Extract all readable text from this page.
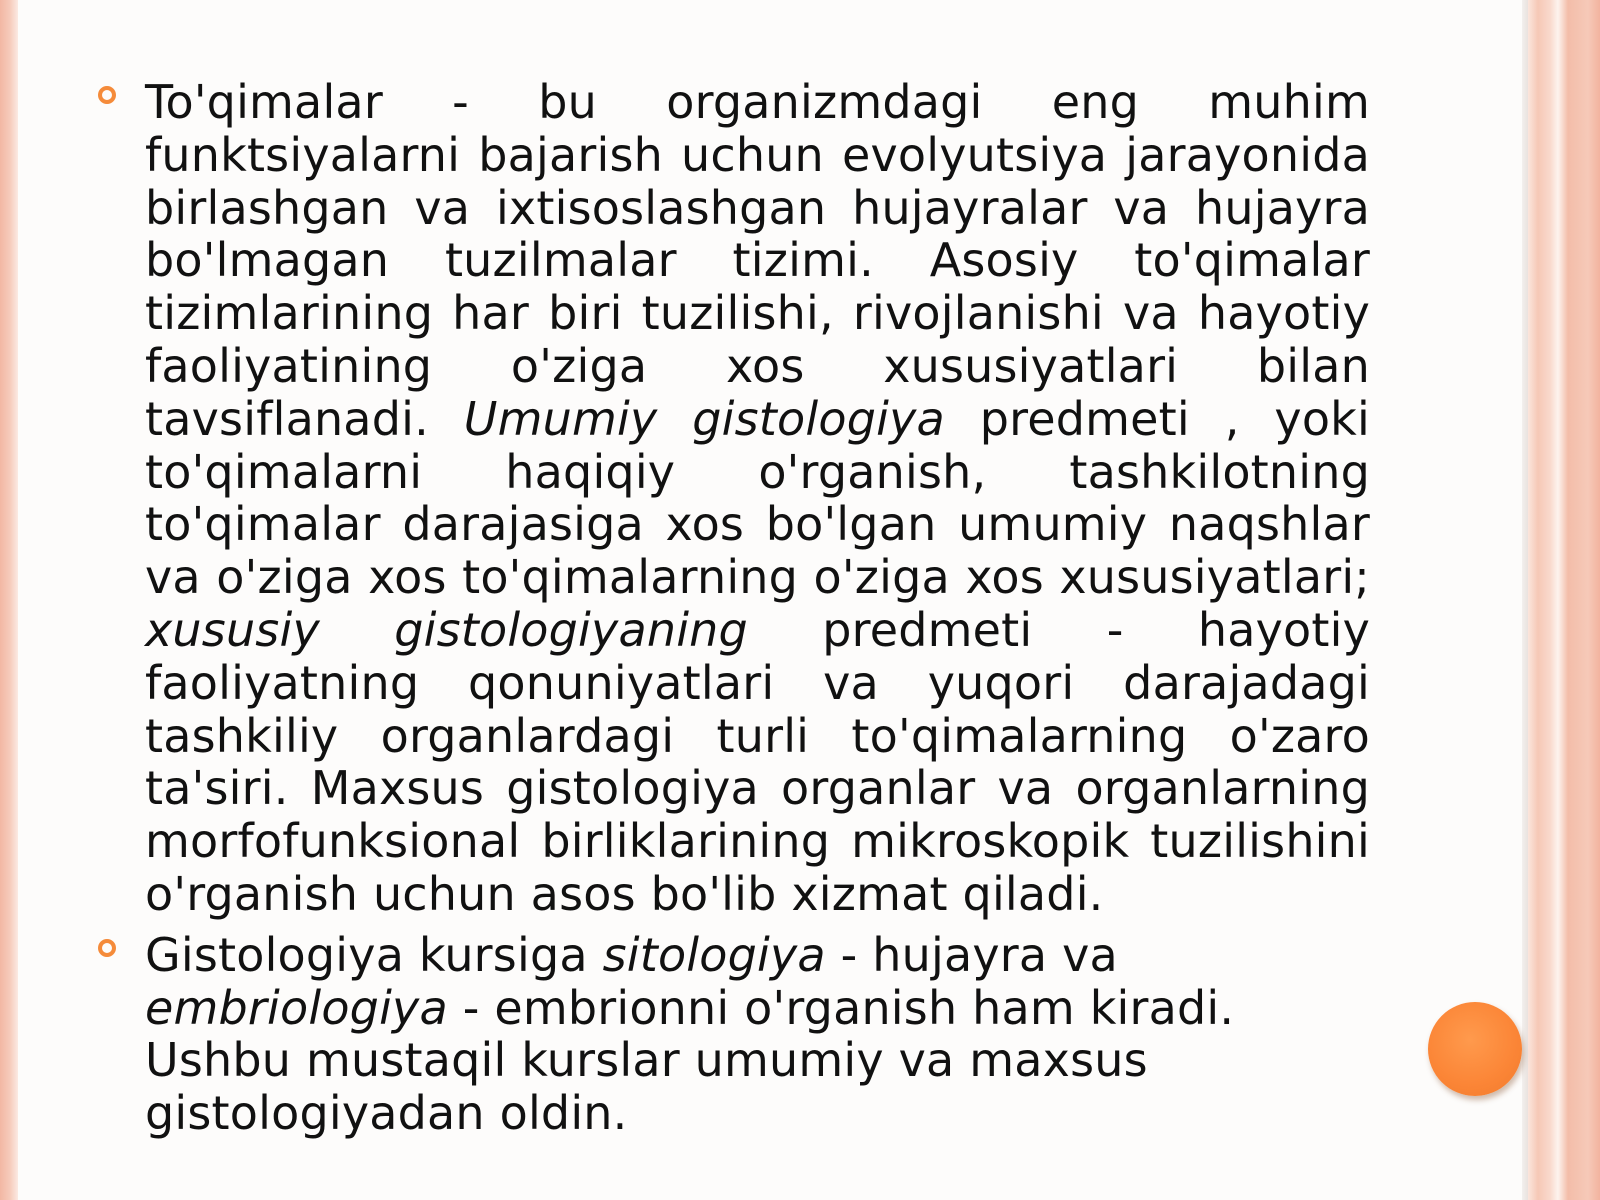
To'qimalar - bu organizmdagi eng muhim funktsiyalarni bajarish uchun evolyutsiya jarayonida birlashgan va ixtisoslashgan hujayralar va hujayra bo'lmagan tuzilmalar tizimi. Asosiy to'qimalar tizimlarining har biri tuzilishi, rivojlanishi va hayotiy faoliyatining o'ziga xos xususiyatlari bilan tavsiflanadi. Umumiy gistologiya predmeti , yoki to'qimalarni haqiqiy o'rganish, tashkilotning to'qimalar darajasiga xos bo'lgan umumiy naqshlar va o'ziga xos to'qimalarning o'ziga xos xususiyatlari; xususiy gistologiyaning predmeti - hayotiy faoliyatning qonuniyatlari va yuqori darajadagi tashkiliy organlardagi turli to'qimalarning o'zaro ta'siri. Maxsus gistologiya organlar va organlarning morfofunksional birliklarining mikroskopik tuzilishini o'rganish uchun asos bo'lib xizmat qiladi.
Gistologiya kursiga sitologiya - hujayra va embriologiya - embrionni o'rganish ham kiradi. Ushbu mustaqil kurslar umumiy va maxsus gistologiyadan oldin.
